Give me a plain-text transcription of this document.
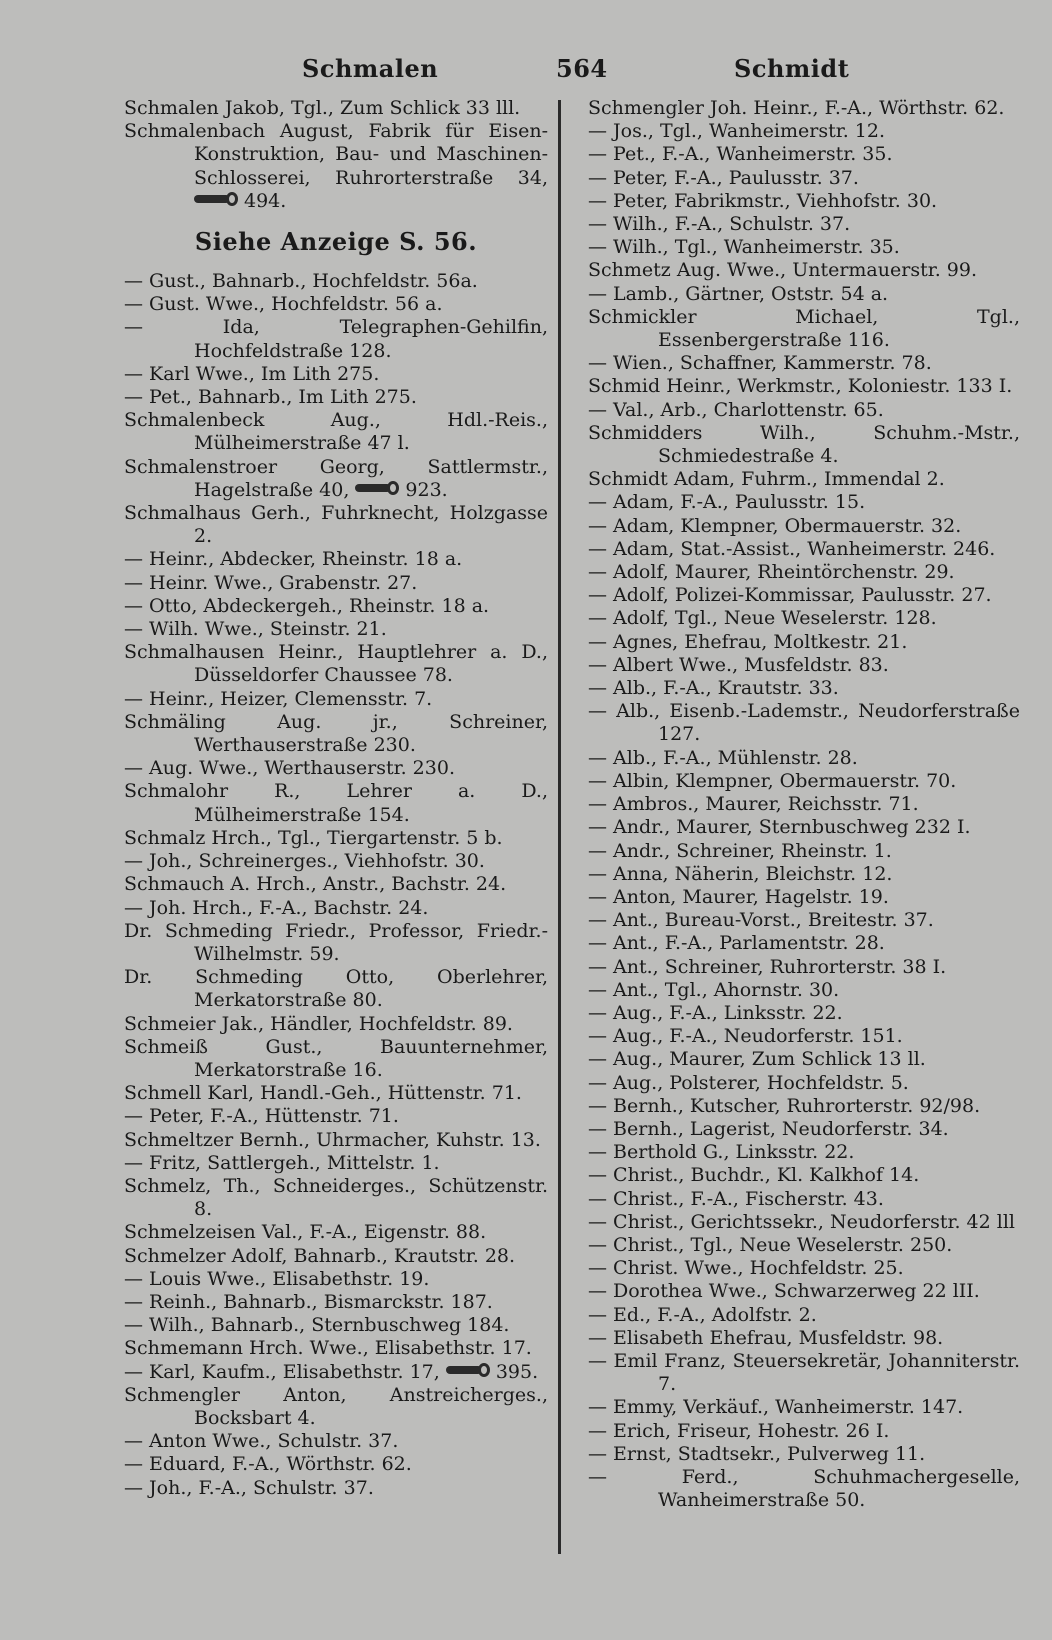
Schmalen	564	Schmidt
Schmalen Jakob, Tgl., Zum Schlick 33 lll.
Schmalenbach August, Fabrik für Eisen-Konstruktion, Bau- und Maschinen-Schlosserei, Ruhrorterstraße 34, 494.
Siehe Anzeige S. 56.
— Gust., Bahnarb., Hochfeldstr. 56a.
— Gust. Wwe., Hochfeldstr. 56 a.
— Ida, Telegraphen-Gehilfin, Hochfeldstraße 128.
— Karl Wwe., Im Lith 275.
— Pet., Bahnarb., Im Lith 275.
Schmalenbeck Aug., Hdl.-Reis., Mülheimerstraße 47 l.
Schmalenstroer Georg, Sattlermstr., Hagelstraße 40,	923.
Schmalhaus Gerh., Fuhrknecht, Holzgasse 2.
— Heinr., Abdecker, Rheinstr. 18 a.
— Heinr. Wwe., Grabenstr. 27.
— Otto, Abdeckergeh., Rheinstr. 18 a.
— Wilh. Wwe., Steinstr. 21.
Schmalhausen Heinr., Hauptlehrer a. D., Düsseldorfer Chaussee 78.
— Heinr., Heizer, Clemensstr. 7.
Schmäling Aug. jr., Schreiner, Werthauserstraße 230.
— Aug. Wwe., Werthauserstr. 230.
Schmalohr R., Lehrer a. D., Mülheimerstraße 154.
Schmalz Hrch., Tgl., Tiergartenstr. 5 b.
— Joh., Schreinerges., Viehhofstr. 30.
Schmauch A. Hrch., Anstr., Bachstr. 24.
— Joh. Hrch., F.-A., Bachstr. 24.
Dr. Schmeding Friedr., Professor, Friedr.-Wilhelmstr. 59.
Dr. Schmeding Otto, Oberlehrer, Merkatorstraße 80.
Schmeier Jak., Händler, Hochfeldstr. 89.
Schmeiß Gust., Bauunternehmer, Merkatorstraße 16.
Schmell Karl, Handl.-Geh., Hüttenstr. 71.
— Peter, F.-A., Hüttenstr. 71.
Schmeltzer Bernh., Uhrmacher, Kuhstr. 13.
— Fritz, Sattlergeh., Mittelstr. 1.
Schmelz, Th., Schneiderges., Schützenstr. 8.
Schmelzeisen Val., F.-A., Eigenstr. 88.
Schmelzer Adolf, Bahnarb., Krautstr. 28.
— Louis Wwe., Elisabethstr. 19.
— Reinh., Bahnarb., Bismarckstr. 187.
— Wilh., Bahnarb., Sternbuschweg 184.
Schmemann Hrch. Wwe., Elisabethstr. 17.
— Karl, Kaufm., Elisabethstr. 17,	395.
Schmengler Anton, Anstreicherges., Bocksbart 4.
— Anton Wwe., Schulstr. 37.
— Eduard, F.-A., Wörthstr. 62.
— Joh., F.-A., Schulstr. 37.
Schmengler Joh. Heinr., F.-A., Wörthstr. 62.
— Jos., Tgl., Wanheimerstr. 12.
— Pet., F.-A., Wanheimerstr. 35.
— Peter, F.-A., Paulusstr. 37.
— Peter, Fabrikmstr., Viehhofstr. 30.
— Wilh., F.-A., Schulstr. 37.
— Wilh., Tgl., Wanheimerstr. 35.
Schmetz Aug. Wwe., Untermauerstr. 99.
— Lamb., Gärtner, Oststr. 54 a.
Schmickler Michael, Tgl., Essenbergerstraße 116.
— Wien., Schaffner, Kammerstr. 78.
Schmid Heinr., Werkmstr., Koloniestr. 133 I.
— Val., Arb., Charlottenstr. 65.
Schmidders Wilh., Schuhm.-Mstr., Schmiedestraße 4.
Schmidt Adam, Fuhrm., Immendal 2.
— Adam, F.-A., Paulusstr. 15.
— Adam, Klempner, Obermauerstr. 32.
— Adam, Stat.-Assist., Wanheimerstr. 246.
— Adolf, Maurer, Rheintörchenstr. 29.
— Adolf, Polizei-Kommissar, Paulusstr. 27.
— Adolf, Tgl., Neue Weselerstr. 128.
— Agnes, Ehefrau, Moltkestr. 21.
— Albert Wwe., Musfeldstr. 83.
— Alb., F.-A., Krautstr. 33.
— Alb., Eisenb.-Lademstr., Neudorferstraße 127.
— Alb., F.-A., Mühlenstr. 28.
— Albin, Klempner, Obermauerstr. 70.
— Ambros., Maurer, Reichsstr. 71.
— Andr., Maurer, Sternbuschweg 232 I.
— Andr., Schreiner, Rheinstr. 1.
— Anna, Näherin, Bleichstr. 12.
— Anton, Maurer, Hagelstr. 19.
— Ant., Bureau-Vorst., Breitestr. 37.
— Ant., F.-A., Parlamentstr. 28.
— Ant., Schreiner, Ruhrorterstr. 38 I.
— Ant., Tgl., Ahornstr. 30.
— Aug., F.-A., Linksstr. 22.
— Aug., F.-A., Neudorferstr. 151.
— Aug., Maurer, Zum Schlick 13 ll.
— Aug., Polsterer, Hochfeldstr. 5.
— Bernh., Kutscher, Ruhrorterstr. 92/98.
— Bernh., Lagerist, Neudorferstr. 34.
— Berthold G., Linksstr. 22.
— Christ., Buchdr., Kl. Kalkhof 14.
— Christ., F.-A., Fischerstr. 43.
— Christ., Gerichtssekr., Neudorferstr. 42 lll
— Christ., Tgl., Neue Weselerstr. 250.
— Christ. Wwe., Hochfeldstr. 25.
— Dorothea Wwe., Schwarzerweg 22 lII.
— Ed., F.-A., Adolfstr. 2.
— Elisabeth Ehefrau, Musfeldstr. 98.
— Emil Franz, Steuersekretär, Johanniterstr. 7.
— Emmy, Verkäuf., Wanheimerstr. 147.
— Erich, Friseur, Hohestr. 26 I.
— Ernst, Stadtsekr., Pulverweg 11.
— Ferd., Schuhmachergeselle, Wanheimerstraße 50.
